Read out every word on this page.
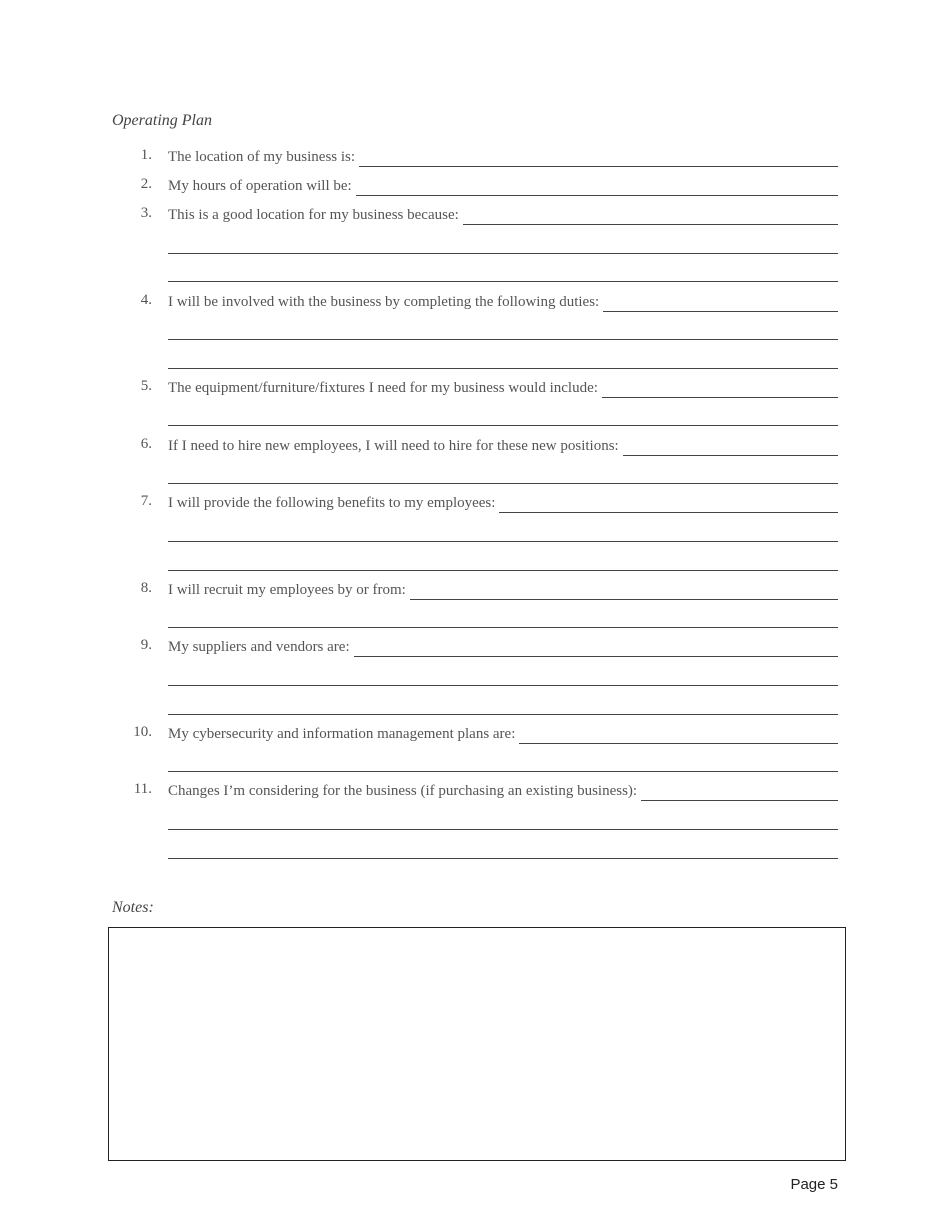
Operating Plan
1. The location of my business is:
2. My hours of operation will be:
3. This is a good location for my business because:
4. I will be involved with the business by completing the following duties:
5. The equipment/furniture/fixtures I need for my business would include:
6. If I need to hire new employees, I will need to hire for these new positions:
7. I will provide the following benefits to my employees:
8. I will recruit my employees by or from:
9. My suppliers and vendors are:
10. My cybersecurity and information management plans are:
11. Changes I’m considering for the business (if purchasing an existing business):
Notes:
Page 5
